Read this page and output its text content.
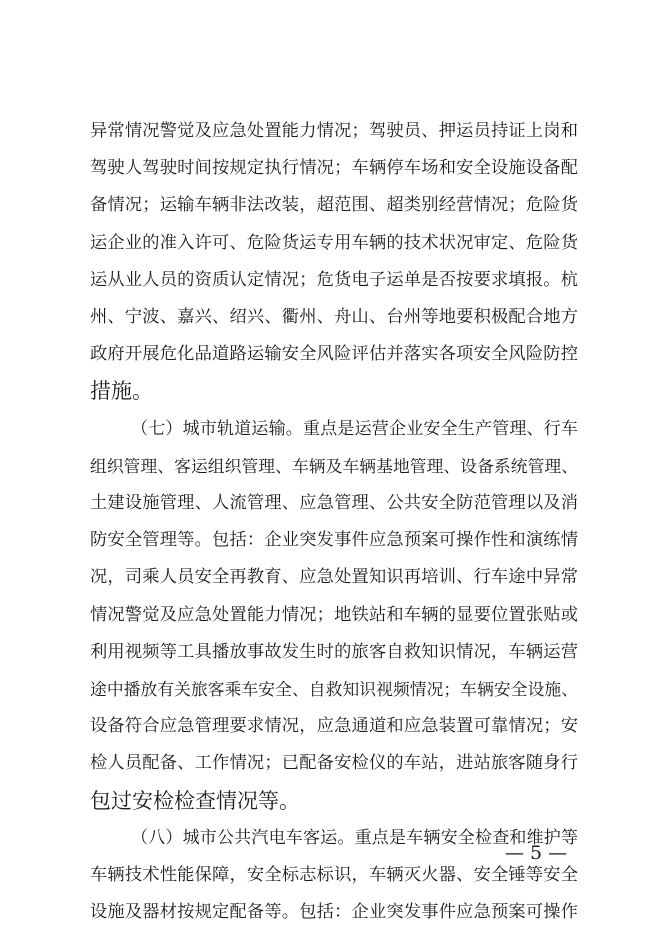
异常情况警觉及应急处置能力情况；驾驶员、押运员持证上岗和
驾驶人驾驶时间按规定执行情况；车辆停车场和安全设施设备配
备情况；运输车辆非法改装，超范围、超类别经营情况；危险货
运企业的准入许可、危险货运专用车辆的技术状况审定、危险货
运从业人员的资质认定情况；危货电子运单是否按要求填报。杭
州、宁波、嘉兴、绍兴、衢州、舟山、台州等地要积极配合地方
政府开展危化品道路运输安全风险评估并落实各项安全风险防控
措施。
（七）城市轨道运输。重点是运营企业安全生产管理、行车
组织管理、客运组织管理、车辆及车辆基地管理、设备系统管理、
土建设施管理、人流管理、应急管理、公共安全防范管理以及消
防安全管理等。包括：企业突发事件应急预案可操作性和演练情
况，司乘人员安全再教育、应急处置知识再培训、行车途中异常
情况警觉及应急处置能力情况；地铁站和车辆的显要位置张贴或
利用视频等工具播放事故发生时的旅客自救知识情况，车辆运营
途中播放有关旅客乘车安全、自救知识视频情况；车辆安全设施、
设备符合应急管理要求情况，应急通道和应急装置可靠情况；安
检人员配备、工作情况；已配备安检仪的车站，进站旅客随身行
包过安检检查情况等。
（八）城市公共汽电车客运。重点是车辆安全检查和维护等
车辆技术性能保障，安全标志标识，车辆灭火器、安全锤等安全
设施及器材按规定配备等。包括：企业突发事件应急预案可操作
— 5 —
